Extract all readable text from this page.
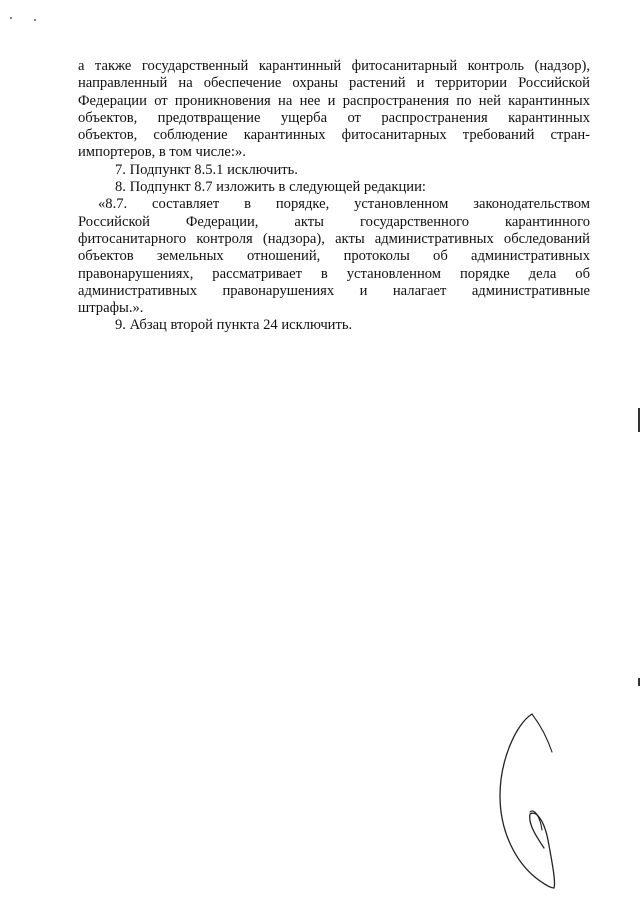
а также государственный карантинный фитосанитарный контроль (надзор),
направленный на обеспечение охраны растений и территории Российской
Федерации от проникновения на нее и распространения по ней карантинных
объектов, предотвращение ущерба от распространения карантинных
объектов, соблюдение карантинных фитосанитарных требований стран-
импортеров, в том числе:».
7. Подпункт 8.5.1 исключить.
8. Подпункт 8.7 изложить в следующей редакции:
«8.7. составляет в порядке, установленном законодательством
Российской Федерации, акты государственного карантинного
фитосанитарного контроля (надзора), акты административных обследований
объектов земельных отношений, протоколы об административных
правонарушениях, рассматривает в установленном порядке дела об
административных правонарушениях и налагает административные
штрафы.».
9. Абзац второй пункта 24 исключить.
